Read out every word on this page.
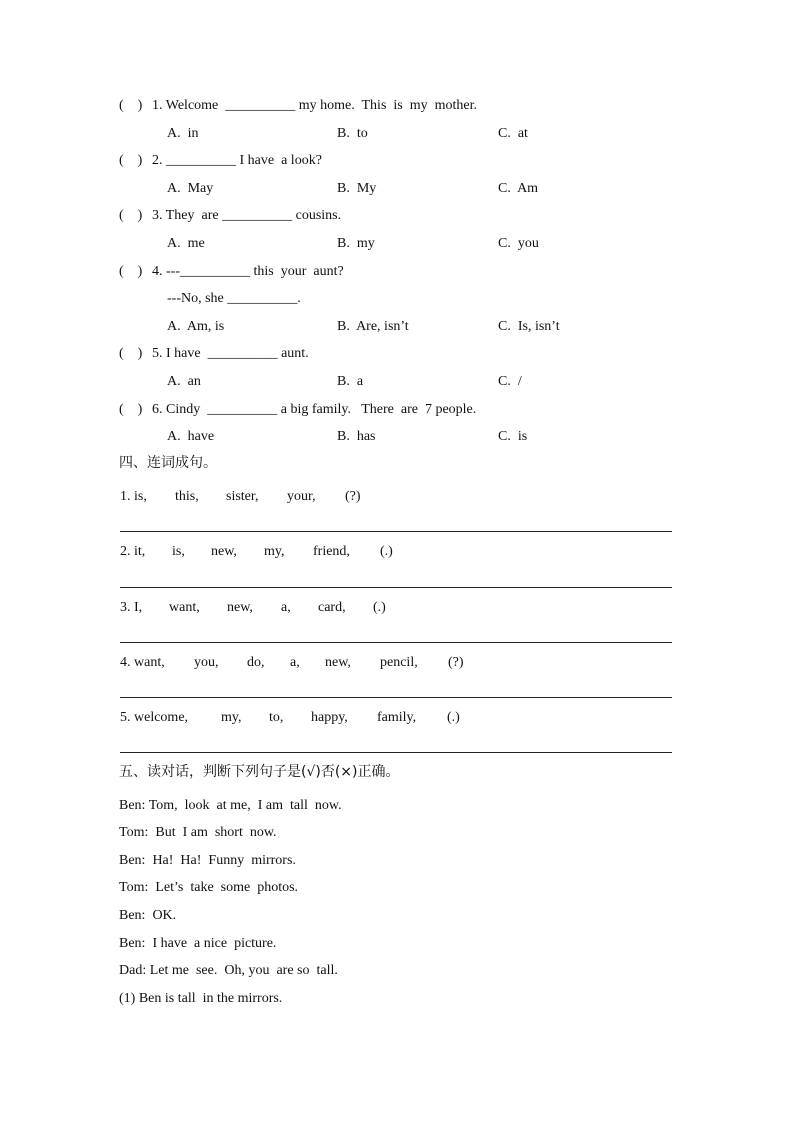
(    ) 1. Welcome  __________ my home.  This  is  my  mother.
A.  in	B.  to	C.  at
(    ) 2. __________ I have  a look?
A.  May	B.  My	C.  Am
(    ) 3. They  are __________ cousins.
A.  me	B.  my	C.  you
(    ) 4. ---__________ this  your  aunt?
---No, she __________.
A.  Am, is	B.  Are, isn’t	C.  Is, isn’t
(    ) 5. I have  __________ aunt.
A.  an	B.  a	C.  /
(    ) 6. Cindy  __________ a big family.   There  are  7 people.
A.  have	B.  has	C.  is
四、连词成句。
1. is, this, sister, your, (?)
2. it, is, new, my, friend, (.)
3. I, want, new, a, card, (.)
4. want, you, do, a, new, pencil, (?)
5. welcome, my, to, happy, family, (.)
五、读对话，判断下列句子是(√)否(×)正确。
Ben: Tom,  look  at me,  I am  tall  now.
Tom:  But  I am  short  now.
Ben:  Ha!  Ha!  Funny  mirrors.
Tom:  Let’s  take  some  photos.
Ben:  OK.
Ben:  I have  a nice  picture.
Dad: Let me  see.  Oh, you  are so  tall.
(1) Ben is tall  in the mirrors.
